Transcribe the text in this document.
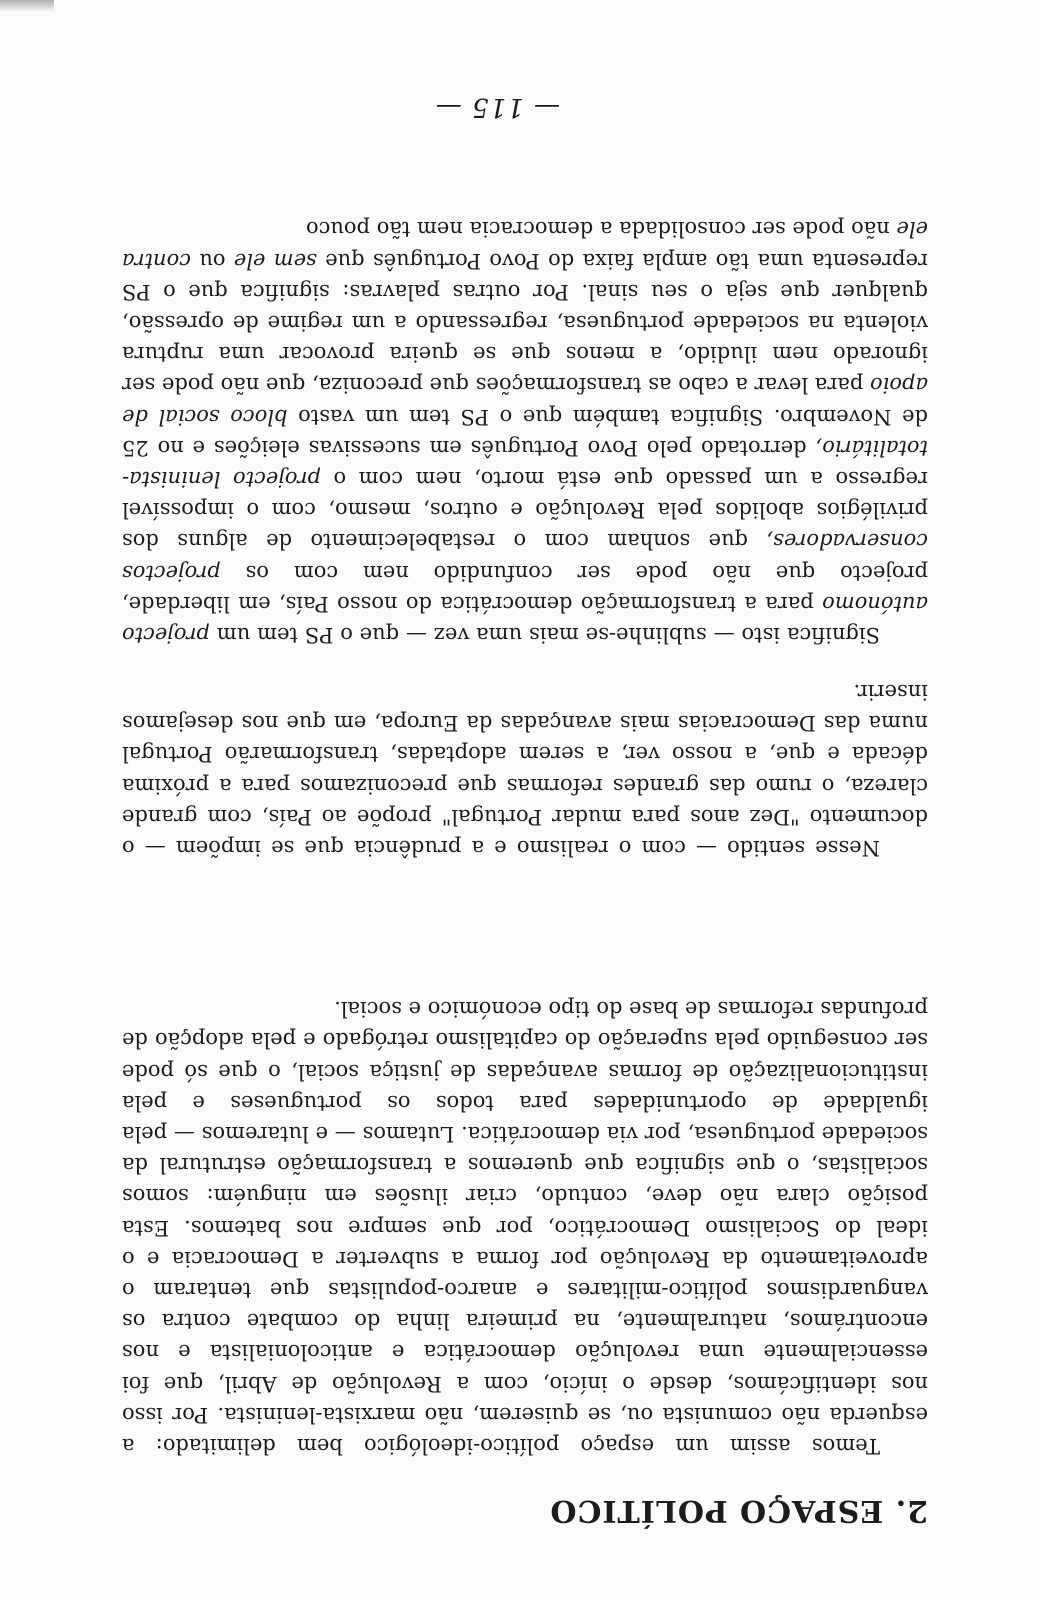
2. ESPAÇO POLÍTICO

Temos assim um espaço político-ideológico bem delimitado: a esquerda não comunista ou, se quiserem, não marxista-leninista. Por isso nos identificámos, desde o início, com a Revolução de Abril, que foi essencialmente uma revolução democrática e anticolonialista e nos encontrámos, naturalmente, na primeira linha do combate contra os vanguardismos político-militares e anarco-populistas que tentaram o aproveitamento da Revolução por forma a subverter a Democracia e o ideal do Socialismo Democrático, por que sempre nos batemos. Esta posição clara não deve, contudo, criar ilusões em ninguém: somos socialistas, o que significa que queremos a transformação estrutural da sociedade portuguesa, por via democrática. Lutamos — e lutaremos — pela igualdade de oportunidades para todos os portugueses e pela institucionalização de formas avançadas de justiça social, o que só pode ser conseguido pela superação do capitalismo retrógado e pela adopção de profundas reformas de base do tipo económico e social.

Nesse sentido — com o realismo e a prudência que se impõem — o documento "Dez anos para mudar Portugal" propõe ao País, com grande clareza, o rumo das grandes reformas que preconizamos para a próxima década e que, a nosso ver, a serem adoptadas, transformarão Portugal numa das Democracias mais avançadas da Europa, em que nos desejamos inserir.

Significa isto — sublinhe-se mais uma vez — que o PS tem um projecto autónomo para a transformação democrática do nosso País, em liberdade, projecto que não pode ser confundido nem com os projectos conservadores, que sonham com o restabelecimento de alguns dos privilégios abolidos pela Revolução e outros, mesmo, com o impossível regresso a um passado que está morto, nem com o projecto leninista-totalitário, derrotado pelo Povo Português em sucessivas eleições e no 25 de Novembro. Significa também que o PS tem um vasto bloco social de apoio para levar a cabo as transformações que preconiza, que não pode ser ignorado nem iludido, a menos que se queira provocar uma ruptura violenta na sociedade portuguesa, regressando a um regime de opressão, qualquer que seja o seu sinal. Por outras palavras: significa que o PS representa uma tão ampla faixa do Povo Português que sem ele ou contra ele não pode ser consolidada a democracia nem tão pouco

— 115 —
